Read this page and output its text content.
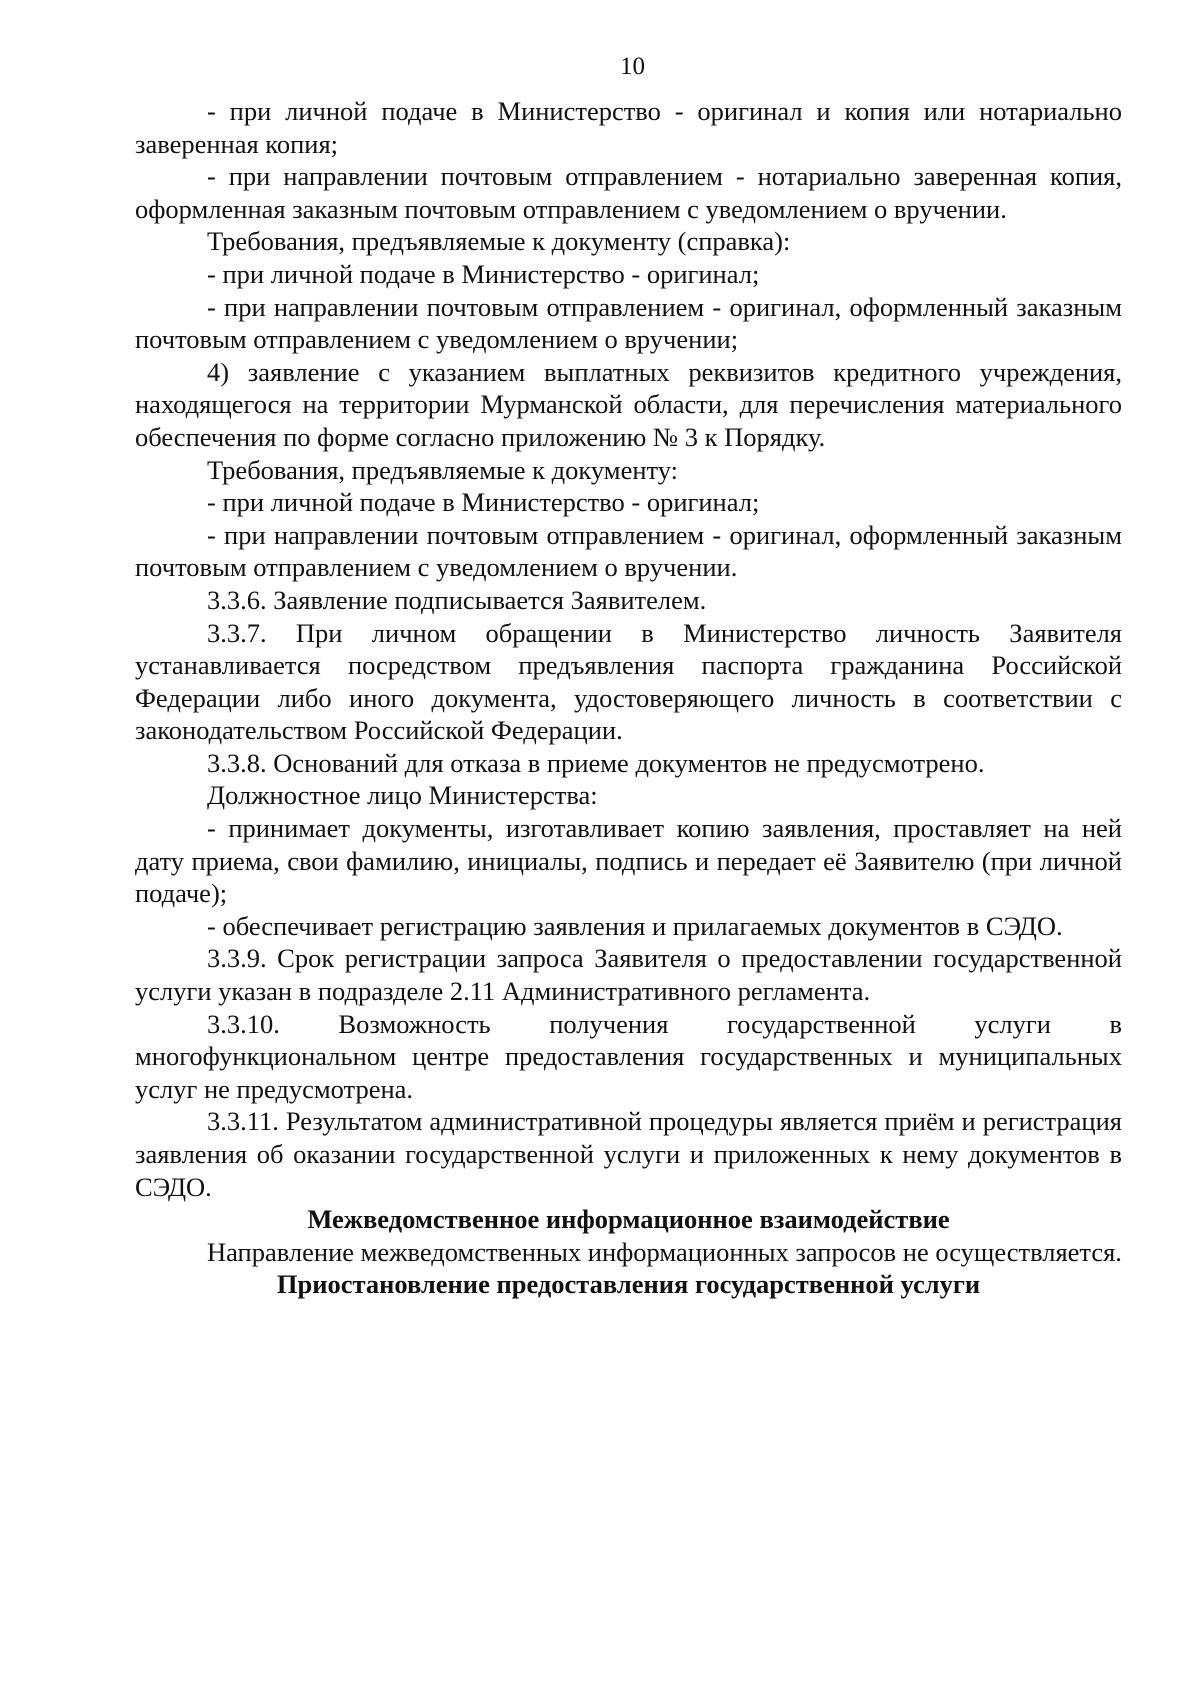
10

- при личной подаче в Министерство - оригинал и копия или нотариально заверенная копия;

- при направлении почтовым отправлением - нотариально заверенная копия, оформленная заказным почтовым отправлением с уведомлением о вручении.

Требования, предъявляемые к документу (справка):

- при личной подаче в Министерство - оригинал;

- при направлении почтовым отправлением - оригинал, оформленный заказным почтовым отправлением с уведомлением о вручении;

4) заявление с указанием выплатных реквизитов кредитного учреждения, находящегося на территории Мурманской области, для перечисления материального обеспечения по форме согласно приложению № 3 к Порядку.

Требования, предъявляемые к документу:

- при личной подаче в Министерство - оригинал;

- при направлении почтовым отправлением - оригинал, оформленный заказным почтовым отправлением с уведомлением о вручении.

3.3.6. Заявление подписывается Заявителем.

3.3.7. При личном обращении в Министерство личность Заявителя устанавливается посредством предъявления паспорта гражданина Российской Федерации либо иного документа, удостоверяющего личность в соответствии с законодательством Российской Федерации.

3.3.8. Оснований для отказа в приеме документов не предусмотрено.

Должностное лицо Министерства:

- принимает документы, изготавливает копию заявления, проставляет на ней дату приема, свои фамилию, инициалы, подпись и передает её Заявителю (при личной подаче);

- обеспечивает регистрацию заявления и прилагаемых документов в СЭДО.

3.3.9. Срок регистрации запроса Заявителя о предоставлении государственной услуги указан в подразделе 2.11 Административного регламента.

3.3.10. Возможность получения государственной услуги в многофункциональном центре предоставления государственных и муниципальных услуг не предусмотрена.

3.3.11. Результатом административной процедуры является приём и регистрация заявления об оказании государственной услуги и приложенных к нему документов в СЭДО.

Межведомственное информационное взаимодействие

Направление межведомственных информационных запросов не осуществляется.

Приостановление предоставления государственной услуги
